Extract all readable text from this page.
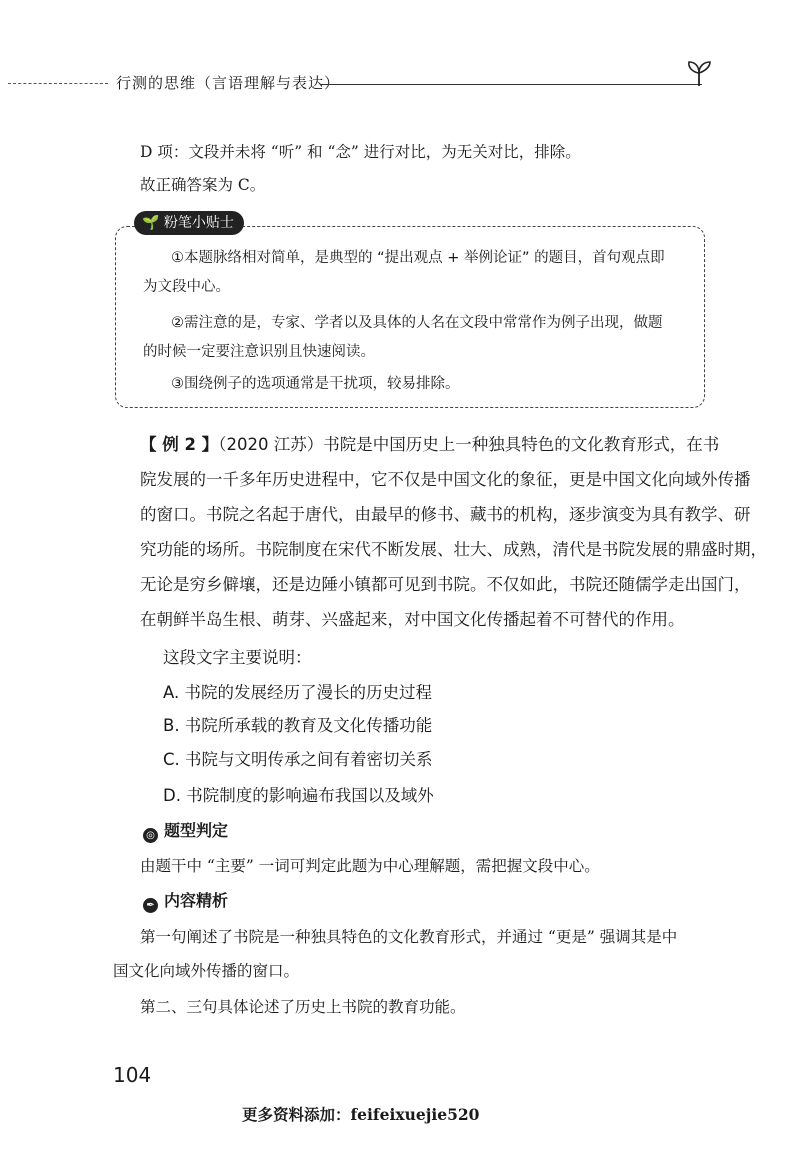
行测的思维（言语理解与表达）
D 项：文段并未将 “听” 和 “念” 进行对比，为无关对比，排除。
故正确答案为 C。
🌱 粉笔小贴士
①本题脉络相对简单，是典型的 “提出观点 + 举例论证” 的题目，首句观点即
为文段中心。
②需注意的是，专家、学者以及具体的人名在文段中常常作为例子出现，做题
的时候一定要注意识别且快速阅读。
③围绕例子的选项通常是干扰项，较易排除。
【 例 2 】（2020 江苏）书院是中国历史上一种独具特色的文化教育形式，在书
院发展的一千多年历史进程中，它不仅是中国文化的象征，更是中国文化向域外传播
的窗口。书院之名起于唐代，由最早的修书、藏书的机构，逐步演变为具有教学、研
究功能的场所。书院制度在宋代不断发展、壮大、成熟，清代是书院发展的鼎盛时期，
无论是穷乡僻壤，还是边陲小镇都可见到书院。不仅如此，书院还随儒学走出国门，
在朝鲜半岛生根、萌芽、兴盛起来，对中国文化传播起着不可替代的作用。
这段文字主要说明：
A. 书院的发展经历了漫长的历史过程
B. 书院所承载的教育及文化传播功能
C. 书院与文明传承之间有着密切关系
D. 书院制度的影响遍布我国以及域外
◎ 题型判定
由题干中 “主要” 一词可判定此题为中心理解题，需把握文段中心。
✒ 内容精析
第一句阐述了书院是一种独具特色的文化教育形式，并通过 “更是” 强调其是中
国文化向域外传播的窗口。
第二、三句具体论述了历史上书院的教育功能。
104
更多资料添加：feifeixuejie520
